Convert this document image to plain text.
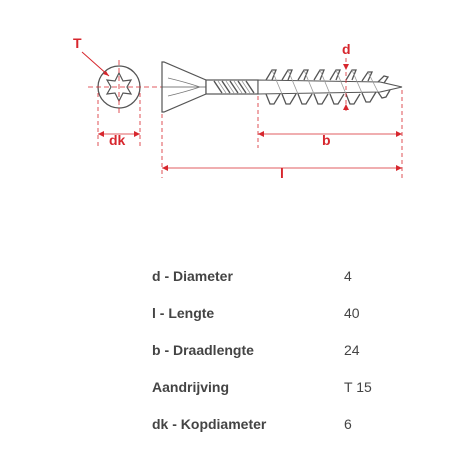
T
dk
d
b
l
d - Diameter	4
l - Lengte	40
b - Draadlengte	24
Aandrijving	T 15
dk - Kopdiameter	6
